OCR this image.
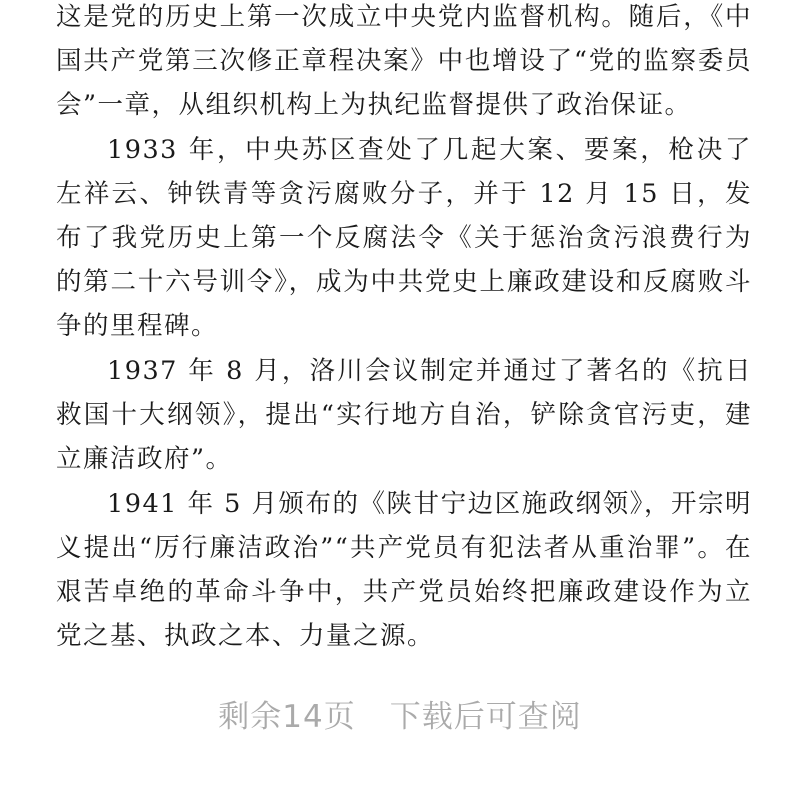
这是党的历史上第一次成立中央党内监督机构。随后，《中国共产党第三次修正章程决案》中也增设了“党的监察委员会”一章，从组织机构上为执纪监督提供了政治保证。

1933 年，中央苏区查处了几起大案、要案，枪决了左祥云、钟铁青等贪污腐败分子，并于 12 月 15 日，发布了我党历史上第一个反腐法令《关于惩治贪污浪费行为的第二十六号训令》，成为中共党史上廉政建设和反腐败斗争的里程碑。

1937 年 8 月，洛川会议制定并通过了著名的《抗日救国十大纲领》，提出“实行地方自治，铲除贪官污吏，建立廉洁政府”。

1941 年 5 月颁布的《陕甘宁边区施政纲领》，开宗明义提出“厉行廉洁政治”“共产党员有犯法者从重治罪”。在艰苦卓绝的革命斗争中，共产党员始终把廉政建设作为立党之基、执政之本、力量之源。

剩余14页 下载后可查阅
